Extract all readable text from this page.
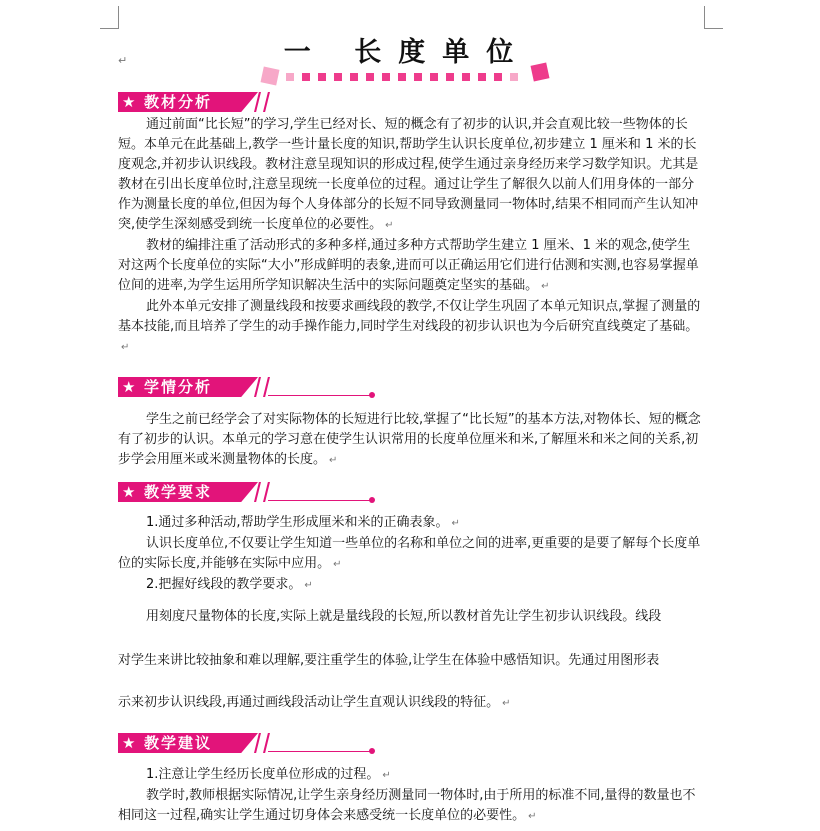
一 长度单位
↵
★ 教材分析

通过前面“比长短”的学习,学生已经对长、短的概念有了初步的认识,并会直观比较一些物体的长短。本单元在此基础上,教学一些计量长度的知识,帮助学生认识长度单位,初步建立 1 厘米和 1 米的长度观念,并初步认识线段。教材注意呈现知识的形成过程,使学生通过亲身经历来学习数学知识。尤其是教材在引出长度单位时,注意呈现统一长度单位的过程。通过让学生了解很久以前人们用身体的一部分作为测量长度的单位,但因为每个人身体部分的长短不同导致测量同一物体时,结果不相同而产生认知冲突,使学生深刻感受到统一长度单位的必要性。 ↵

教材的编排注重了活动形式的多种多样,通过多种方式帮助学生建立 1 厘米、1 米的观念,使学生对这两个长度单位的实际“大小”形成鲜明的表象,进而可以正确运用它们进行估测和实测,也容易掌握单位间的进率,为学生运用所学知识解决生活中的实际问题奠定坚实的基础。 ↵

此外本单元安排了测量线段和按要求画线段的教学,不仅让学生巩固了本单元知识点,掌握了测量的基本技能,而且培养了学生的动手操作能力,同时学生对线段的初步认识也为今后研究直线奠定了基础。↵

★ 学情分析

学生之前已经学会了对实际物体的长短进行比较,掌握了“比长短”的基本方法,对物体长、短的概念有了初步的认识。本单元的学习意在使学生认识常用的长度单位厘米和米,了解厘米和米之间的关系,初步学会用厘米或米测量物体的长度。 ↵

★ 教学要求

1.通过多种活动,帮助学生形成厘米和米的正确表象。 ↵

认识长度单位,不仅要让学生知道一些单位的名称和单位之间的进率,更重要的是要了解每个长度单位的实际长度,并能够在实际中应用。 ↵

2.把握好线段的教学要求。 ↵

用刻度尺量物体的长度,实际上就是量线段的长短,所以教材首先让学生初步认识线段。线段

对学生来讲比较抽象和难以理解,要注重学生的体验,让学生在体验中感悟知识。先通过用图形表

示来初步认识线段,再通过画线段活动让学生直观认识线段的特征。 ↵

★ 教学建议

1.注意让学生经历长度单位形成的过程。 ↵

教学时,教师根据实际情况,让学生亲身经历测量同一物体时,由于所用的标准不同,量得的数量也不相同这一过程,确实让学生通过切身体会来感受统一长度单位的必要性。 ↵
